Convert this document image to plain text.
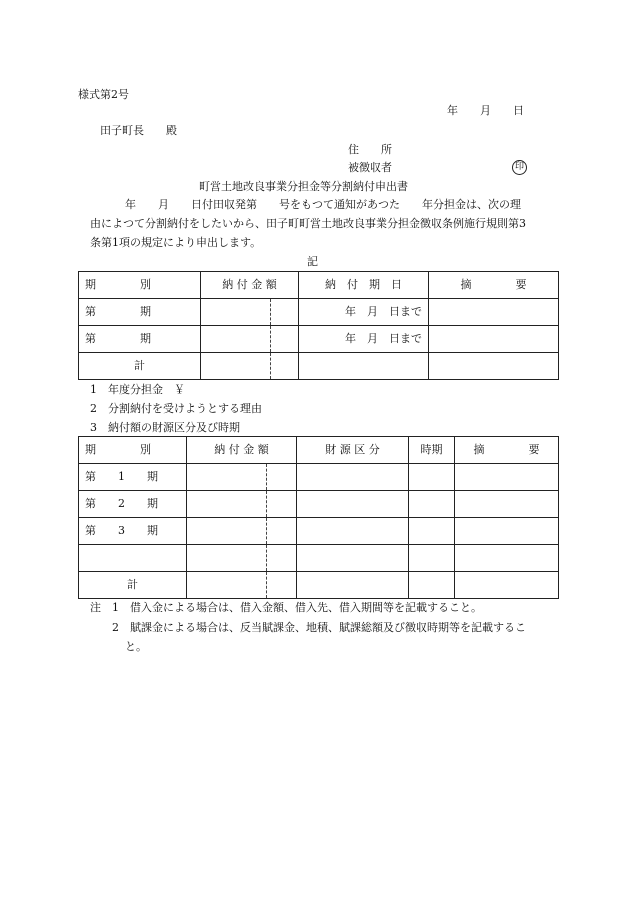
様式第2号
年　　月　　日
田子町長　　殿
住　　所
被徴収者	印
町営土地改良事業分担金等分割納付申出書
年　　月　　日付田収発第　　号をもつて通知があつた　　年分担金は、次の理
由によつて分割納付をしたいから、田子町町営土地改良事業分担金徴収条例施行規則第3
条第1項の規定により申出します。
記
期　　　　別	納 付 金 額		納　付　期　日	摘　　　　要
第　　　　期			年　月　日まで	
第　　　　期			年　月　日まで	
計				
1　年度分担金　￥
2　分割納付を受けようとする理由
3　納付額の財源区分及び時期
期　　　　別	納 付 金 額		財 源 区 分	時期	摘　　　　要
第　　1　　期					
第　　2　　期					
第　　3　　期					

計					
注 1　借入金による場合は、借入金額、借入先、借入期間等を記載すること。
2　賦課金による場合は、反当賦課金、地積、賦課総額及び徴収時期等を記載するこ
と。
